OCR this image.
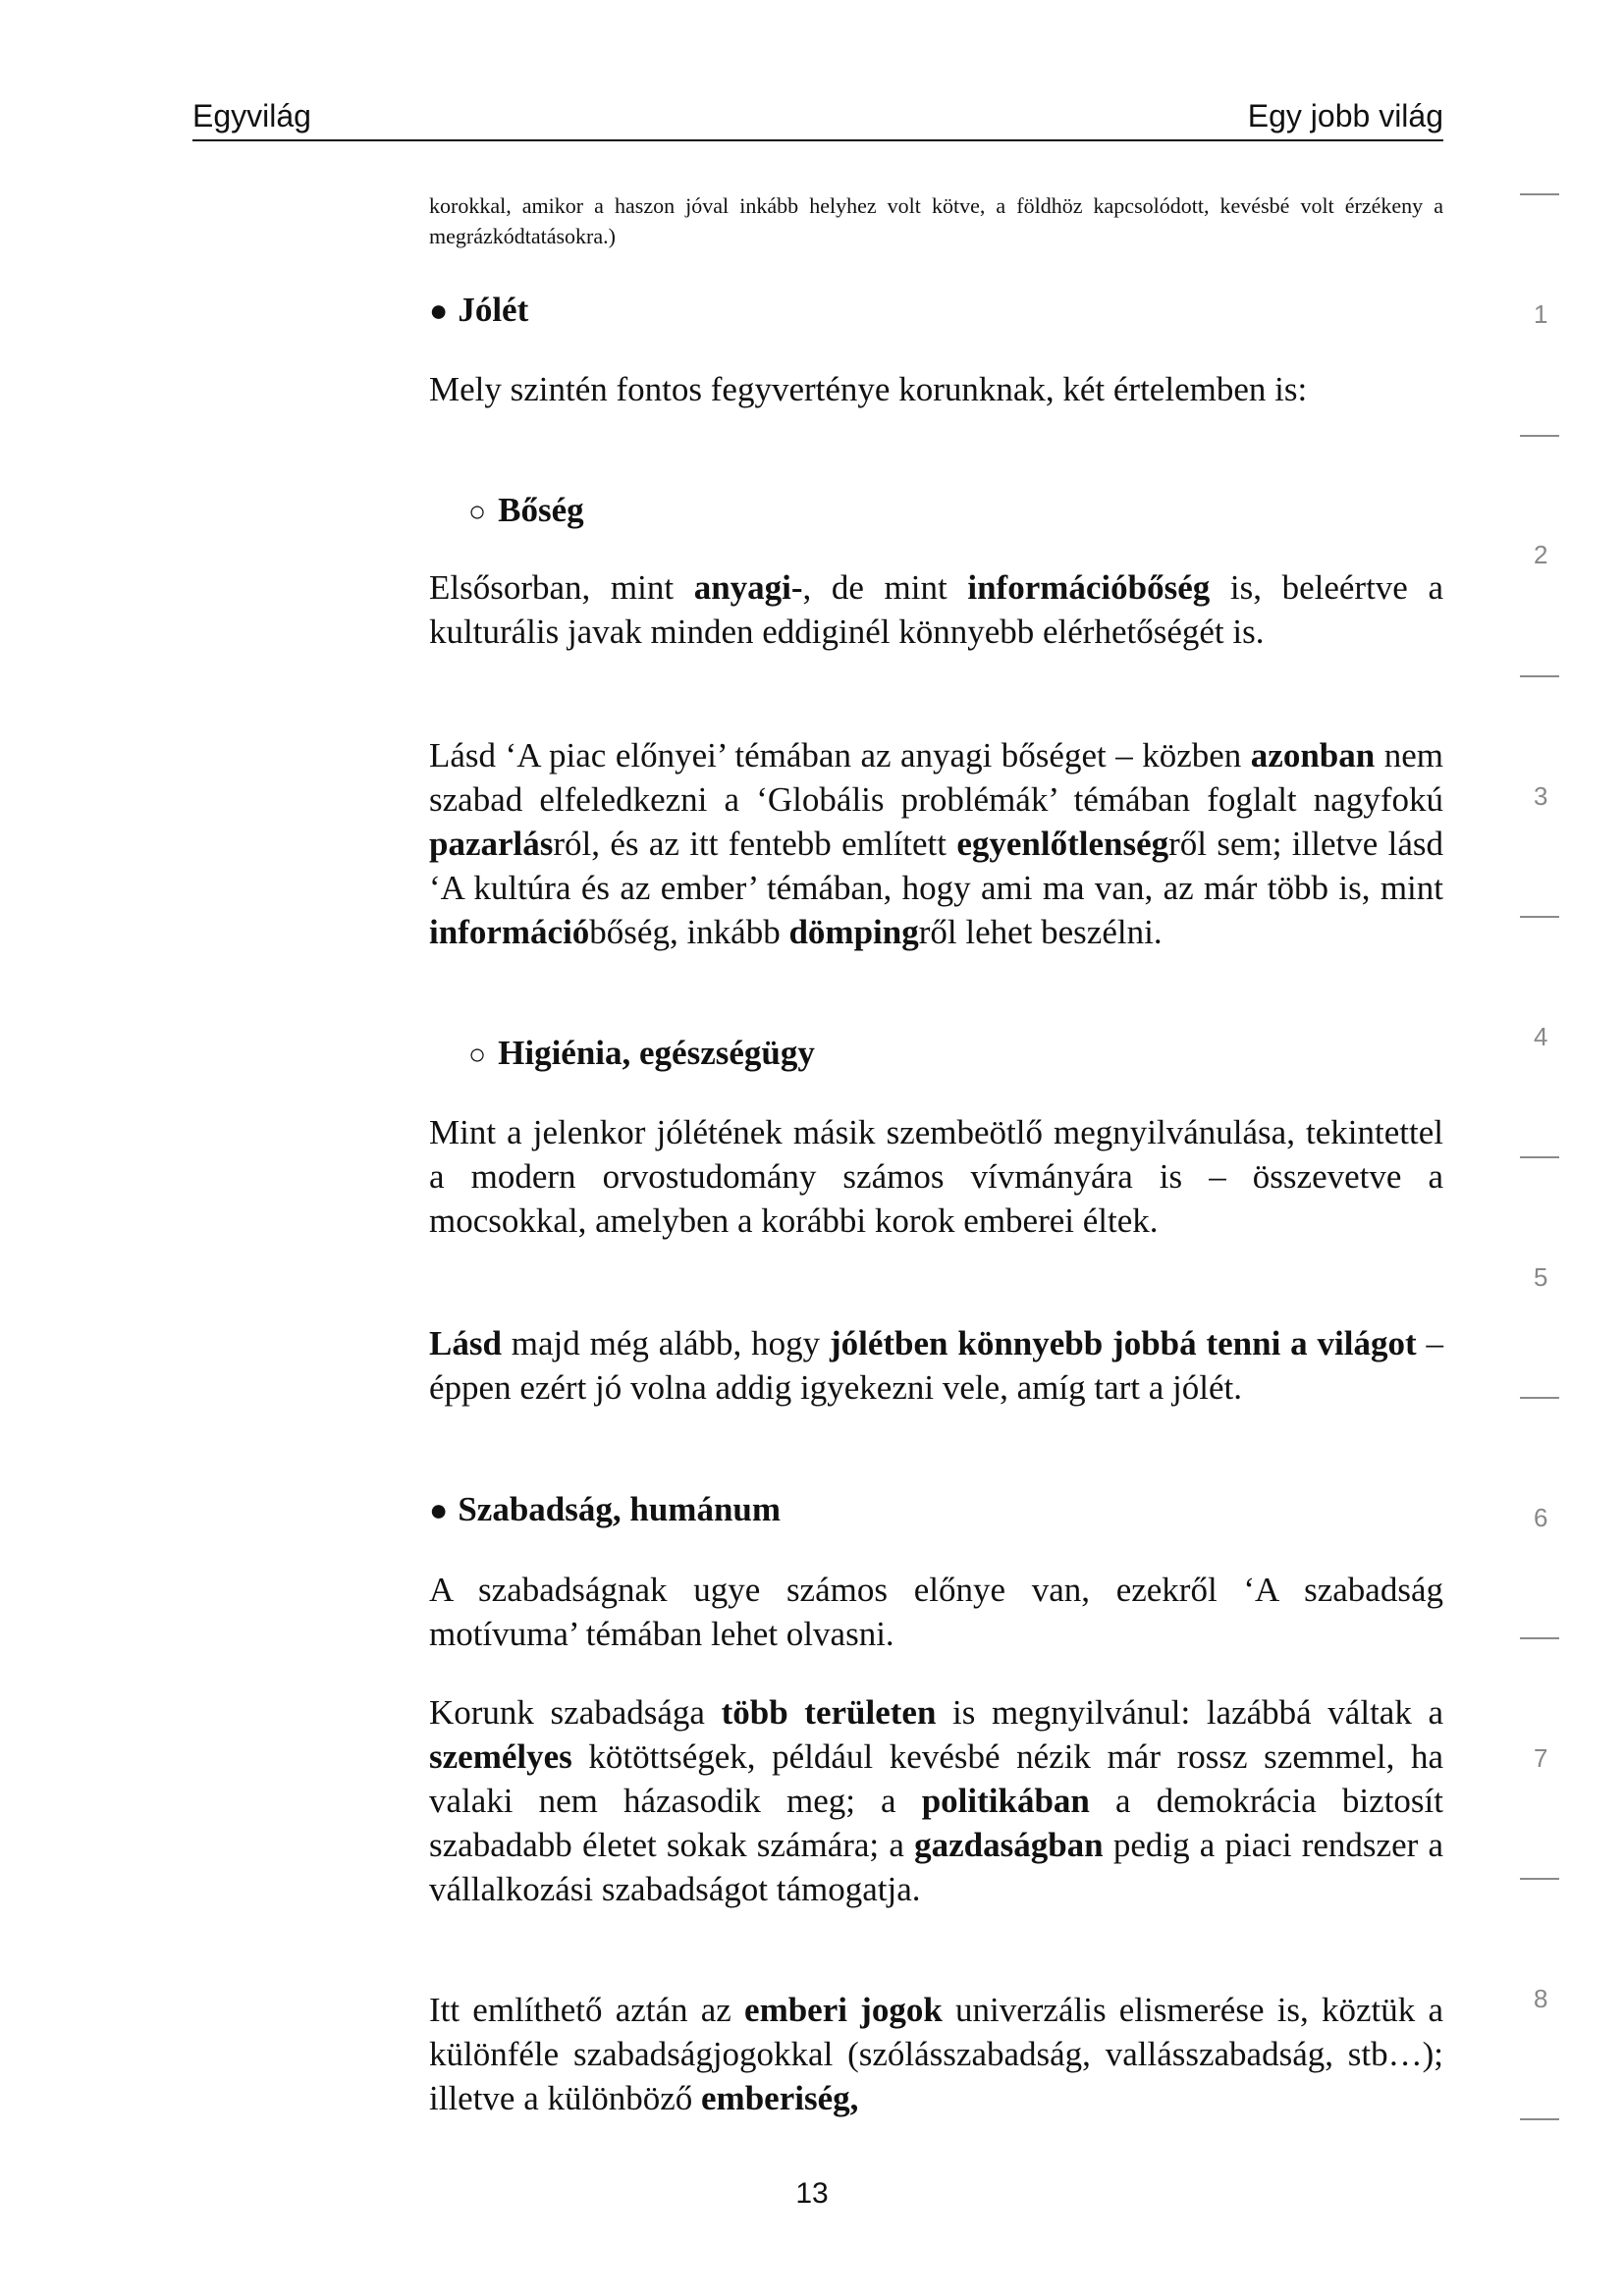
Egyvilág	Egy jobb világ

korokkal, amikor a haszon jóval inkább helyhez volt kötve, a földhöz kapcsolódott, kevésbé volt érzékeny a megrázkódtatásokra.)

● Jólét

Mely szintén fontos fegyverténye korunknak, két értelemben is:

○ Bőség

Elsősorban, mint anyagi-, de mint információbőség is, beleértve a kulturális javak minden eddiginél könnyebb elérhetőségét is.

Lásd ‘A piac előnyei’ témában az anyagi bőséget – közben azonban nem szabad elfeledkezni a ‘Globális problémák’ témában foglalt nagyfokú pazarlásról, és az itt fentebb említett egyenlőtlenségről sem; illetve lásd ‘A kultúra és az ember’ témában, hogy ami ma van, az már több is, mint információbőség, inkább dömpingről lehet beszélni.

○ Higiénia, egészségügy

Mint a jelenkor jólétének másik szembeötlő megnyilvánulása, tekintettel a modern orvostudomány számos vívmányára is – összevetve a mocsokkal, amelyben a korábbi korok emberei éltek.

Lásd majd még alább, hogy jólétben könnyebb jobbá tenni a világot – éppen ezért jó volna addig igyekezni vele, amíg tart a jólét.

● Szabadság, humánum

A szabadságnak ugye számos előnye van, ezekről ‘A szabadság motívuma’ témában lehet olvasni.

Korunk szabadsága több területen is megnyilvánul: lazábbá váltak a személyes kötöttségek, például kevésbé nézik már rossz szemmel, ha valaki nem házasodik meg; a politikában a demokrácia biztosít szabadabb életet sokak számára; a gazdaságban pedig a piaci rendszer a vállalkozási szabadságot támogatja.

Itt említhető aztán az emberi jogok univerzális elismerése is, köztük a különféle szabadságjogokkal (szólásszabadság, vallásszabadság, stb…); illetve a különböző emberiség,

1
2
3
4
5
6
7
8
13
